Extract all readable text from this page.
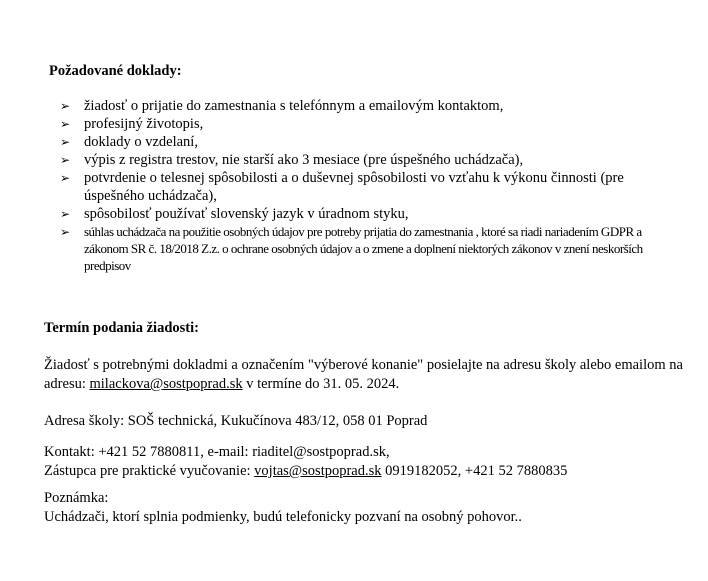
Požadované doklady:
➢ žiadosť o prijatie do zamestnania s telefónnym a emailovým kontaktom,
➢ profesijný životopis,
➢ doklady o vzdelaní,
➢ výpis z registra trestov, nie starší ako 3 mesiace (pre úspešného uchádzača),
➢ potvrdenie o telesnej spôsobilosti a o duševnej spôsobilosti vo vzťahu k výkonu činnosti (pre úspešného uchádzača),
➢ spôsobilosť používať slovenský jazyk v úradnom styku,
➢ súhlas uchádzača na použitie osobných údajov pre potreby prijatia do zamestnania , ktoré sa riadi nariadením GDPR a zákonom SR č. 18/2018 Z.z. o ochrane osobných údajov a o zmene a doplnení niektorých zákonov v znení neskorších predpisov
Termín podania žiadosti:

Žiadosť s potrebnými dokladmi a označením "výberové konanie" posielajte na adresu školy alebo emailom na adresu: milackova@sostpoprad.sk v termíne do 31. 05. 2024.

Adresa školy: SOŠ technická, Kukučínova 483/12, 058 01 Poprad

Kontakt: +421 52 7880811, e-mail: riaditel@sostpoprad.sk,
Zástupca pre praktické vyučovanie: vojtas@sostpoprad.sk 0919182052, +421 52 7880835

Poznámka:
Uchádzači, ktorí splnia podmienky, budú telefonicky pozvaní na osobný pohovor..
